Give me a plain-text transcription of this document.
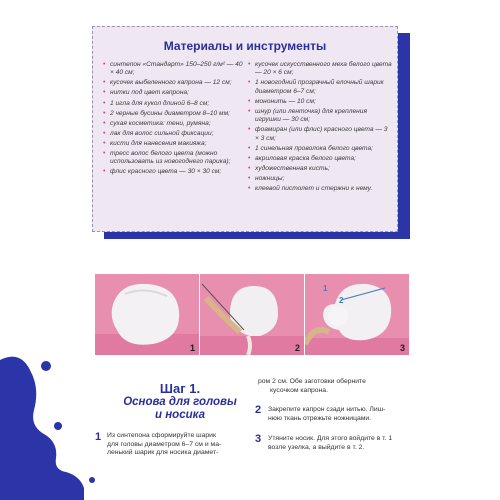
Материалы и инструменты
• синтепон «Стандарт» 150–250 г/м² — 40 × 40 см;
• кусочек выбеленного капрона — 12 см;
• нитки под цвет капрона;
• 1 игла для кукол длиной 6–8 см;
• 2 черные бусины диаметром 8–10 мм;
• сухая косметика: тени, румяна;
• лак для волос сильной фиксации;
• кисти для нанесения макияжа;
• тресс волос белого цвета (можно использовать из новогоднего парика);
• флис красного цвета — 30 × 30 см;
• кусочек искусственного меха белого цвета — 20 × 6 см;
• 1 новогодний прозрачный елочный шарик диаметром 6–7 см;
• мононить — 10 см;
• шнур (или ленточка) для крепления игрушки — 30 см;
• фоамиран (или флис) красного цвета — 3 × 3 см;
• 1 синельная проволока белого цвета;
• акриловая краска белого цвета;
• художественная кисть;
• ножницы;
• клеевой пистолет и стержни к нему.
1	2
1
2
3
6
Шаг 1.
Основа для головы
и носика
1 Из синтепона сформируйте шарик
для головы диаметром 6–7 см и ма-
ленький шарик для носика диамет-
ром 2 см. Обе заготовки оберните
кусочком капрона.
2 Закрепите капрон сзади нитью. Лиш-
нюю ткань отрежьте ножницами.
3 Утяните носик. Для этого войдите в т. 1
возле узелка, а выйдите в т. 2.
